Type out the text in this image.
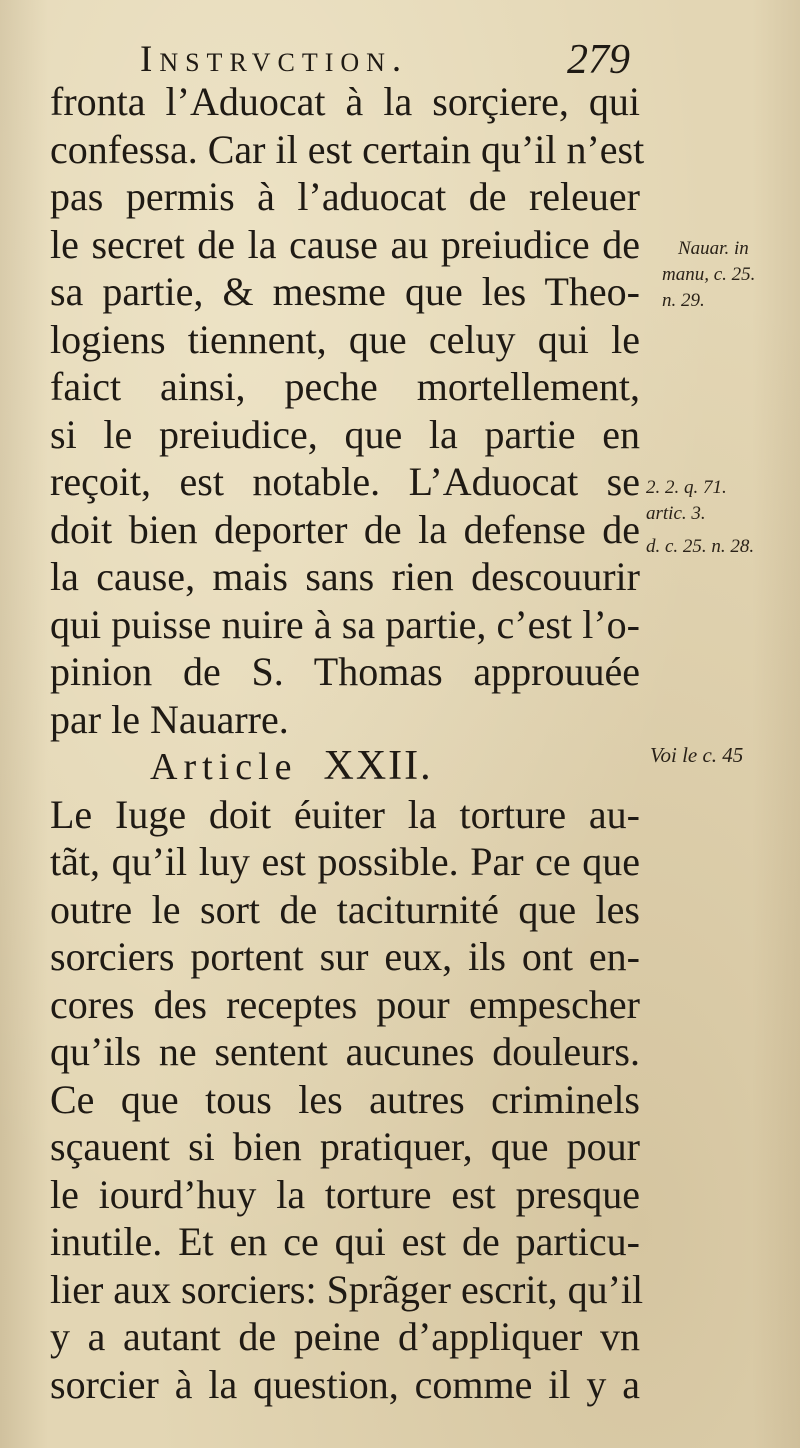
Instrvction.	279
fronta l’Aduocat à la sorçiere, qui
confessa. Car il est certain qu’il n’est
pas permis à l’aduocat de releuer
le secret de la cause au preiudice de
sa partie, & mesme que les Theo-
logiens tiennent, que celuy qui le
faict ainsi, peche mortellement,
si le preiudice, que la partie en
reçoit, est notable. L’Aduocat se
doit bien deporter de la defense de
la cause, mais sans rien descouurir
qui puisse nuire à sa partie, c’est l’o-
pinion de S. Thomas approuuée
par le Nauarre.
Article XXII.
Le Iuge doit éuiter la torture au-
tãt, qu’il luy est possible. Par ce que
outre le sort de taciturnité que les
sorciers portent sur eux, ils ont en-
cores des receptes pour empescher
qu’ils ne sentent aucunes douleurs.
Ce que tous les autres criminels
sçauent si bien pratiquer, que pour
le iourd’huy la torture est presque
inutile. Et en ce qui est de particu-
lier aux sorciers: Sprãger escrit, qu’il
y a autant de peine d’appliquer vn
sorcier à la question, comme il y a
Nauar. in
manu, c. 25.
n. 29.
2. 2. q. 71.
artic. 3.
d. c. 25. n. 28.
Voi le c. 45
